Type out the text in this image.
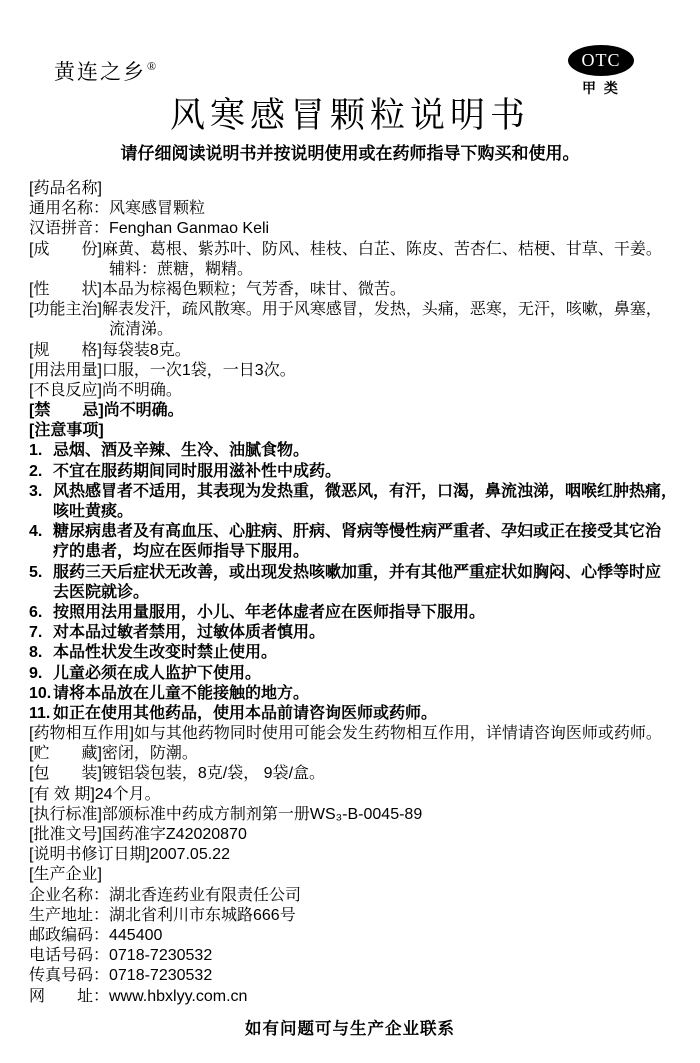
黄连之乡®	OTC
甲 类
风寒感冒颗粒说明书

请仔细阅读说明书并按说明使用或在药师指导下购买和使用。

[药品名称]
通用名称：风寒感冒颗粒
汉语拼音：Fenghan Ganmao Keli
[成　　份]麻黄、葛根、紫苏叶、防风、桂枝、白芷、陈皮、苦杏仁、桔梗、甘草、干姜。
辅料：蔗糖，糊精。
[性　　状]本品为棕褐色颗粒；气芳香，味甘、微苦。
[功能主治]解表发汗，疏风散寒。用于风寒感冒，发热，头痛，恶寒，无汗，咳嗽，鼻塞，
流清涕。
[规　　格]每袋装8克。
[用法用量]口服，一次1袋，一日3次。
[不良反应]尚不明确。
[禁　　忌]尚不明确。
[注意事项]
1. 忌烟、酒及辛辣、生冷、油腻食物。
2. 不宜在服药期间同时服用滋补性中成药。
3. 风热感冒者不适用，其表现为发热重，微恶风，有汗，口渴，鼻流浊涕，咽喉红肿热痛，
咳吐黄痰。
4. 糖尿病患者及有高血压、心脏病、肝病、肾病等慢性病严重者、孕妇或正在接受其它治
疗的患者，均应在医师指导下服用。
5. 服药三天后症状无改善，或出现发热咳嗽加重，并有其他严重症状如胸闷、心悸等时应
去医院就诊。
6. 按照用法用量服用，小儿、年老体虚者应在医师指导下服用。
7. 对本品过敏者禁用，过敏体质者慎用。
8. 本品性状发生改变时禁止使用。
9. 儿童必须在成人监护下使用。
10. 请将本品放在儿童不能接触的地方。
11. 如正在使用其他药品，使用本品前请咨询医师或药师。
[药物相互作用]如与其他药物同时使用可能会发生药物相互作用，详情请咨询医师或药师。
[贮　　藏]密闭，防潮。
[包　　装]镀铝袋包装，8克/袋， 9袋/盒。
[有 效 期]24个月。
[执行标准]部颁标准中药成方制剂第一册WS₃-B-0045-89
[批准文号]国药准字Z42020870
[说明书修订日期]2007.05.22
[生产企业]
企业名称：湖北香连药业有限责任公司
生产地址：湖北省利川市东城路666号
邮政编码：445400
电话号码：0718-7230532
传真号码：0718-7230532
网　　址：www.hbxlyy.com.cn
如有问题可与生产企业联系
